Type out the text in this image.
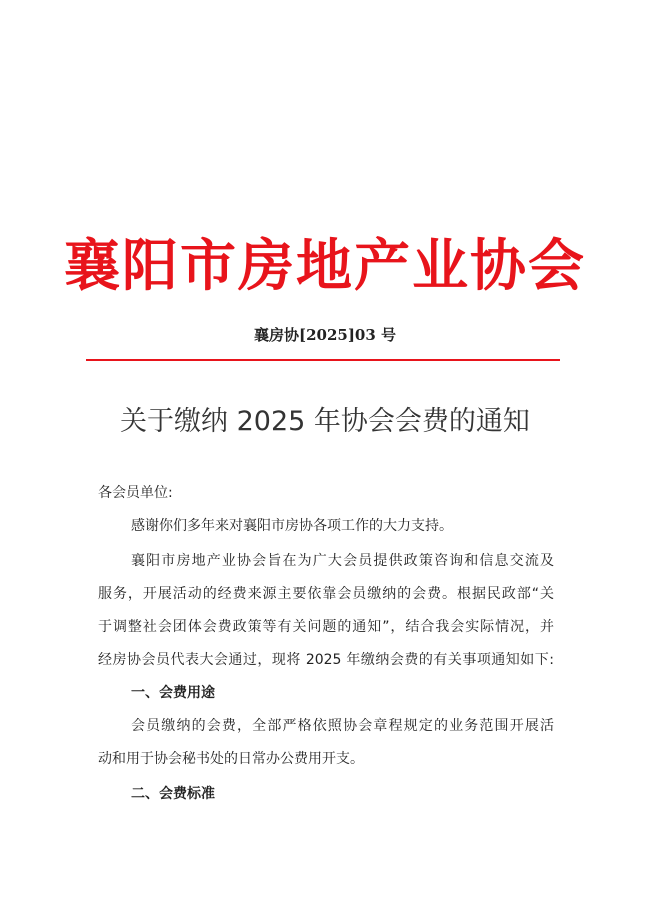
襄阳市房地产业协会
襄房协[2025]03 号
关于缴纳 2025 年协会会费的通知

各会员单位:

感谢你们多年来对襄阳市房协各项工作的大力支持。

襄阳市房地产业协会旨在为广大会员提供政策咨询和信息交流及

服务，开展活动的经费来源主要依靠会员缴纳的会费。根据民政部“关

于调整社会团体会费政策等有关问题的通知”，结合我会实际情况，并

经房协会员代表大会通过，现将 2025 年缴纳会费的有关事项通知如下:

一、会费用途

会员缴纳的会费，全部严格依照协会章程规定的业务范围开展活

动和用于协会秘书处的日常办公费用开支。

二、会费标准
